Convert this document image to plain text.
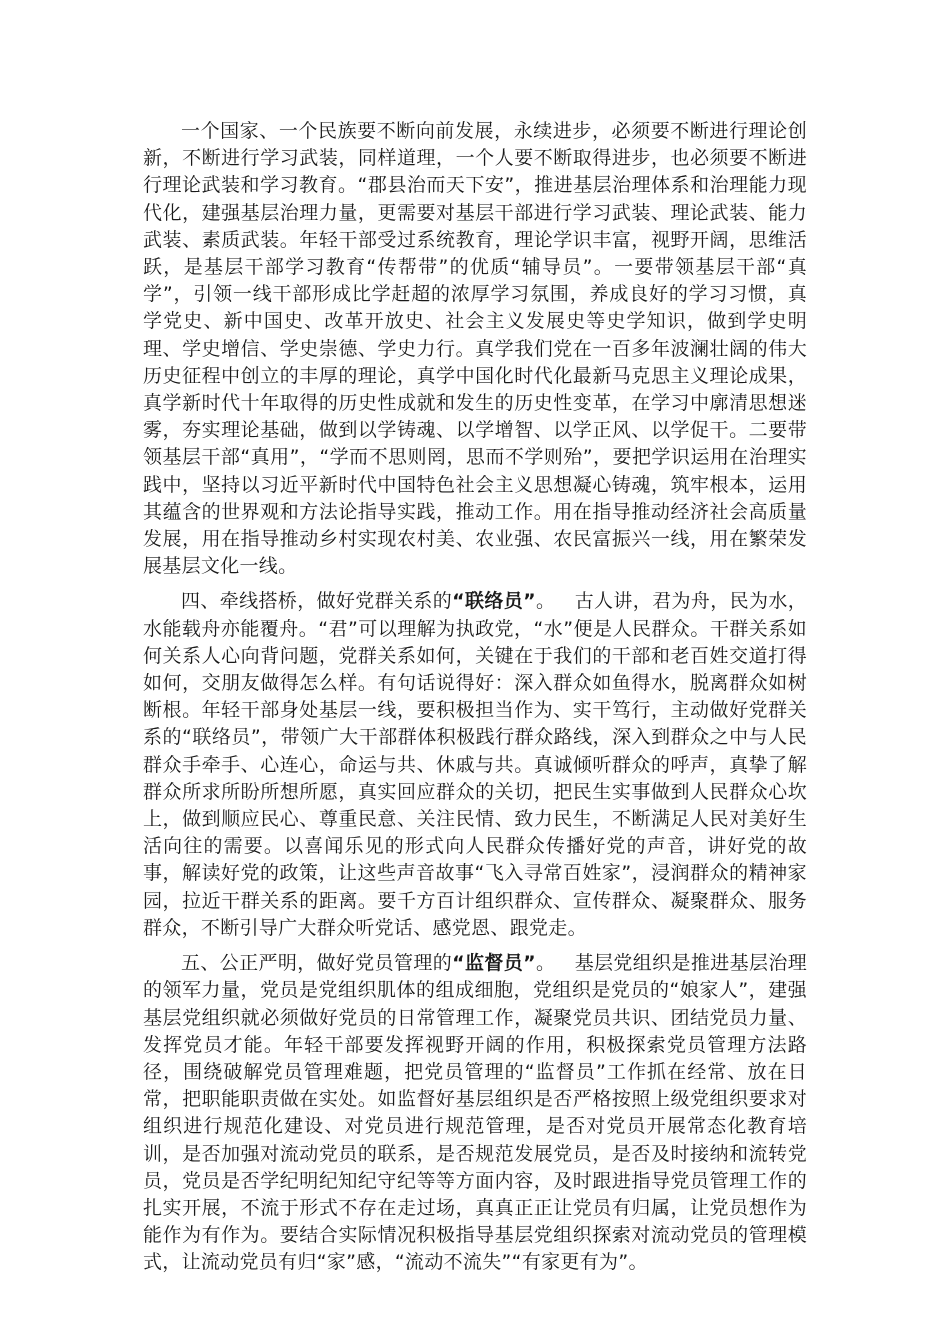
一个国家、一个民族要不断向前发展，永续进步，必须要不断进行理论创新，不断进行学习武装，同样道理，一个人要不断取得进步，也必须要不断进行理论武装和学习教育。“郡县治而天下安”，推进基层治理体系和治理能力现代化，建强基层治理力量，更需要对基层干部进行学习武装、理论武装、能力武装、素质武装。年轻干部受过系统教育，理论学识丰富，视野开阔，思维活跃，是基层干部学习教育“传帮带”的优质“辅导员”。一要带领基层干部“真学”，引领一线干部形成比学赶超的浓厚学习氛围，养成良好的学习习惯，真学党史、新中国史、改革开放史、社会主义发展史等史学知识，做到学史明理、学史增信、学史崇德、学史力行。真学我们党在一百多年波澜壮阔的伟大历史征程中创立的丰厚的理论，真学中国化时代化最新马克思主义理论成果，真学新时代十年取得的历史性成就和发生的历史性变革，在学习中廓清思想迷雾，夯实理论基础，做到以学铸魂、以学增智、以学正风、以学促干。二要带领基层干部“真用”，“学而不思则罔，思而不学则殆”，要把学识运用在治理实践中，坚持以习近平新时代中国特色社会主义思想凝心铸魂，筑牢根本，运用其蕴含的世界观和方法论指导实践，推动工作。用在指导推动经济社会高质量发展，用在指导推动乡村实现农村美、农业强、农民富振兴一线，用在繁荣发展基层文化一线。

四、牵线搭桥，做好党群关系的“联络员”。  古人讲，君为舟，民为水，水能载舟亦能覆舟。“君”可以理解为执政党，“水”便是人民群众。干群关系如何关系人心向背问题，党群关系如何，关键在于我们的干部和老百姓交道打得如何，交朋友做得怎么样。有句话说得好：深入群众如鱼得水，脱离群众如树断根。年轻干部身处基层一线，要积极担当作为、实干笃行，主动做好党群关系的“联络员”，带领广大干部群体积极践行群众路线，深入到群众之中与人民群众手牵手、心连心，命运与共、休戚与共。真诚倾听群众的呼声，真挚了解群众所求所盼所想所愿，真实回应群众的关切，把民生实事做到人民群众心坎上，做到顺应民心、尊重民意、关注民情、致力民生，不断满足人民对美好生活向往的需要。以喜闻乐见的形式向人民群众传播好党的声音，讲好党的故事，解读好党的政策，让这些声音故事“飞入寻常百姓家”，浸润群众的精神家园，拉近干群关系的距离。要千方百计组织群众、宣传群众、凝聚群众、服务群众，不断引导广大群众听党话、感党恩、跟党走。

五、公正严明，做好党员管理的“监督员”。  基层党组织是推进基层治理的领军力量，党员是党组织肌体的组成细胞，党组织是党员的“娘家人”，建强基层党组织就必须做好党员的日常管理工作，凝聚党员共识、团结党员力量、发挥党员才能。年轻干部要发挥视野开阔的作用，积极探索党员管理方法路径，围绕破解党员管理难题，把党员管理的“监督员”工作抓在经常、放在日常，把职能职责做在实处。如监督好基层组织是否严格按照上级党组织要求对组织进行规范化建设、对党员进行规范管理，是否对党员开展常态化教育培训，是否加强对流动党员的联系，是否规范发展党员，是否及时接纳和流转党员，党员是否学纪明纪知纪守纪等等方面内容，及时跟进指导党员管理工作的扎实开展，不流于形式不存在走过场，真真正正让党员有归属，让党员想作为能作为有作为。要结合实际情况积极指导基层党组织探索对流动党员的管理模式，让流动党员有归“家”感，“流动不流失”“有家更有为”。
